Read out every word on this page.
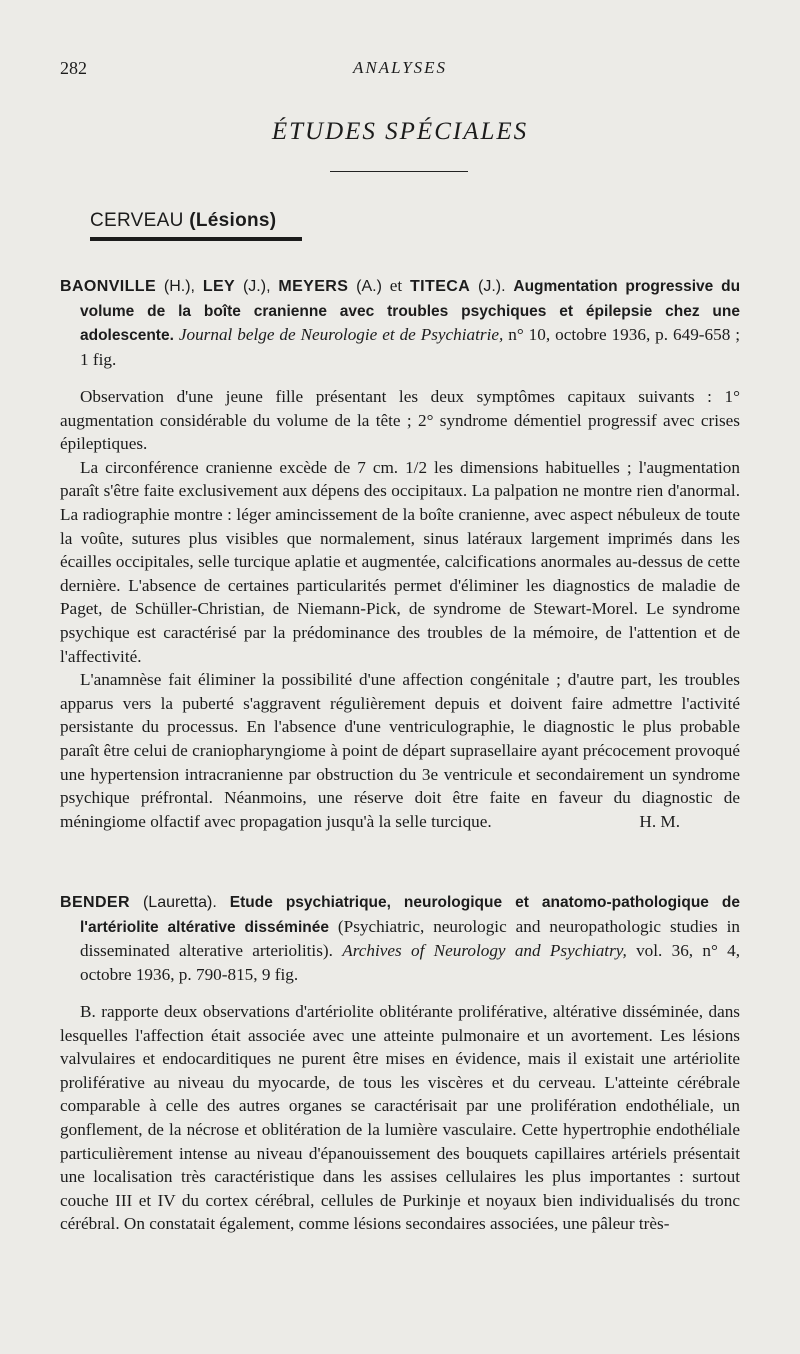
282	ANALYSES
ÉTUDES SPÉCIALES
CERVEAU (Lésions)

BAONVILLE (H.), LEY (J.), MEYERS (A.) et TITECA (J.). Augmentation progressive du volume de la boîte cranienne avec troubles psychiques et épilepsie chez une adolescente. Journal belge de Neurologie et de Psychiatrie, n° 10, octobre 1936, p. 649-658 ; 1 fig.

Observation d'une jeune fille présentant les deux symptômes capitaux suivants : 1° augmentation considérable du volume de la tête ; 2° syndrome démentiel progressif avec crises épileptiques.

La circonférence cranienne excède de 7 cm. 1/2 les dimensions habituelles ; l'augmentation paraît s'être faite exclusivement aux dépens des occipitaux. La palpation ne montre rien d'anormal. La radiographie montre : léger amincissement de la boîte cranienne, avec aspect nébuleux de toute la voûte, sutures plus visibles que normalement, sinus latéraux largement imprimés dans les écailles occipitales, selle turcique aplatie et augmentée, calcifications anormales au-dessus de cette dernière. L'absence de certaines particularités permet d'éliminer les diagnostics de maladie de Paget, de Schüller-Christian, de Niemann-Pick, de syndrome de Stewart-Morel. Le syndrome psychique est caractérisé par la prédominance des troubles de la mémoire, de l'attention et de l'affectivité.

L'anamnèse fait éliminer la possibilité d'une affection congénitale ; d'autre part, les troubles apparus vers la puberté s'aggravent régulièrement depuis et doivent faire admettre l'activité persistante du processus. En l'absence d'une ventriculographie, le diagnostic le plus probable paraît être celui de craniopharyngiome à point de départ suprasellaire ayant précocement provoqué une hypertension intracranienne par obstruction du 3e ventricule et secondairement un syndrome psychique préfrontal. Néanmoins, une réserve doit être faite en faveur du diagnostic de méningiome olfactif avec propagation jusqu'à la selle turcique.	H. M.

BENDER (Lauretta). Etude psychiatrique, neurologique et anatomo-pathologique de l'artériolite altérative disséminée (Psychiatric, neurologic and neuropathologic studies in disseminated alterative arteriolitis). Archives of Neurology and Psychiatry, vol. 36, n° 4, octobre 1936, p. 790-815, 9 fig.

B. rapporte deux observations d'artériolite oblitérante proliférative, altérative disséminée, dans lesquelles l'affection était associée avec une atteinte pulmonaire et un avortement. Les lésions valvulaires et endocarditiques ne purent être mises en évidence, mais il existait une artériolite proliférative au niveau du myocarde, de tous les viscères et du cerveau. L'atteinte cérébrale comparable à celle des autres organes se caractérisait par une prolifération endothéliale, un gonflement, de la nécrose et oblitération de la lumière vasculaire. Cette hypertrophie endothéliale particulièrement intense au niveau d'épanouissement des bouquets capillaires artériels présentait une localisation très caractéristique dans les assises cellulaires les plus importantes : surtout couche III et IV du cortex cérébral, cellules de Purkinje et noyaux bien individualisés du tronc cérébral. On constatait également, comme lésions secondaires associées, une pâleur très-
